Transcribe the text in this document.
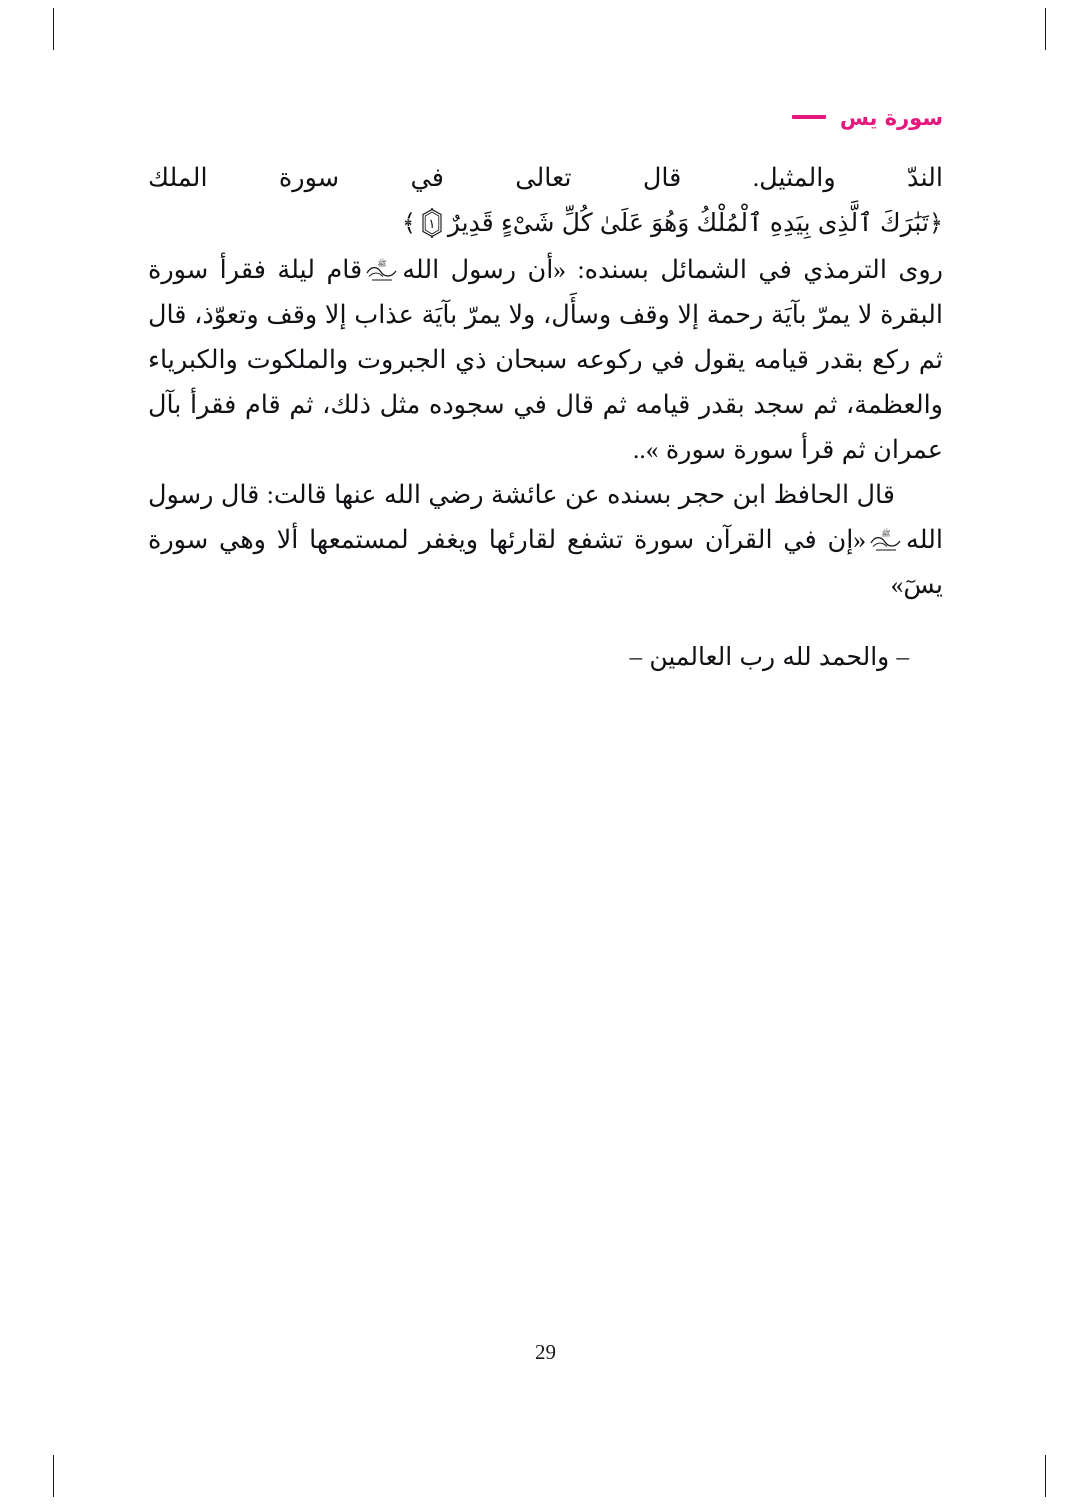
سورة يس

الندّ والمثيل. قال تعالى في سورة الملك ﴿تَبَٰرَكَ ٱلَّذِى بِيَدِهِ ٱلْمُلْكُ وَهُوَ عَلَىٰ كُلِّ شَىْءٍ قَدِيرٌ
١
﴾

روى الترمذي في الشمائل بسنده: «أن رسول الله
ﷺ
قام ليلة فقرأ سورة البقرة لا يمرّ بآيَة رحمة إلا وقف وسأَل، ولا يمرّ بآيَة عذاب إلا وقف وتعوّذ، قال ثم ركع بقدر قيامه يقول في ركوعه سبحان ذي الجبروت والملكوت والكبرياء والعظمة، ثم سجد بقدر قيامه ثم قال في سجوده مثل ذلك، ثم قام فقرأ بآل عمران ثم قرأ سورة سورة »..

قال الحافظ ابن حجر بسنده عن عائشة رضي الله عنها قالت: قال رسول الله
ﷺ
«إن في القرآن سورة تشفع لقارئها ويغفر لمستمعها ألا وهي سورة يسٓ»

– والحمد لله رب العالمين –

29
